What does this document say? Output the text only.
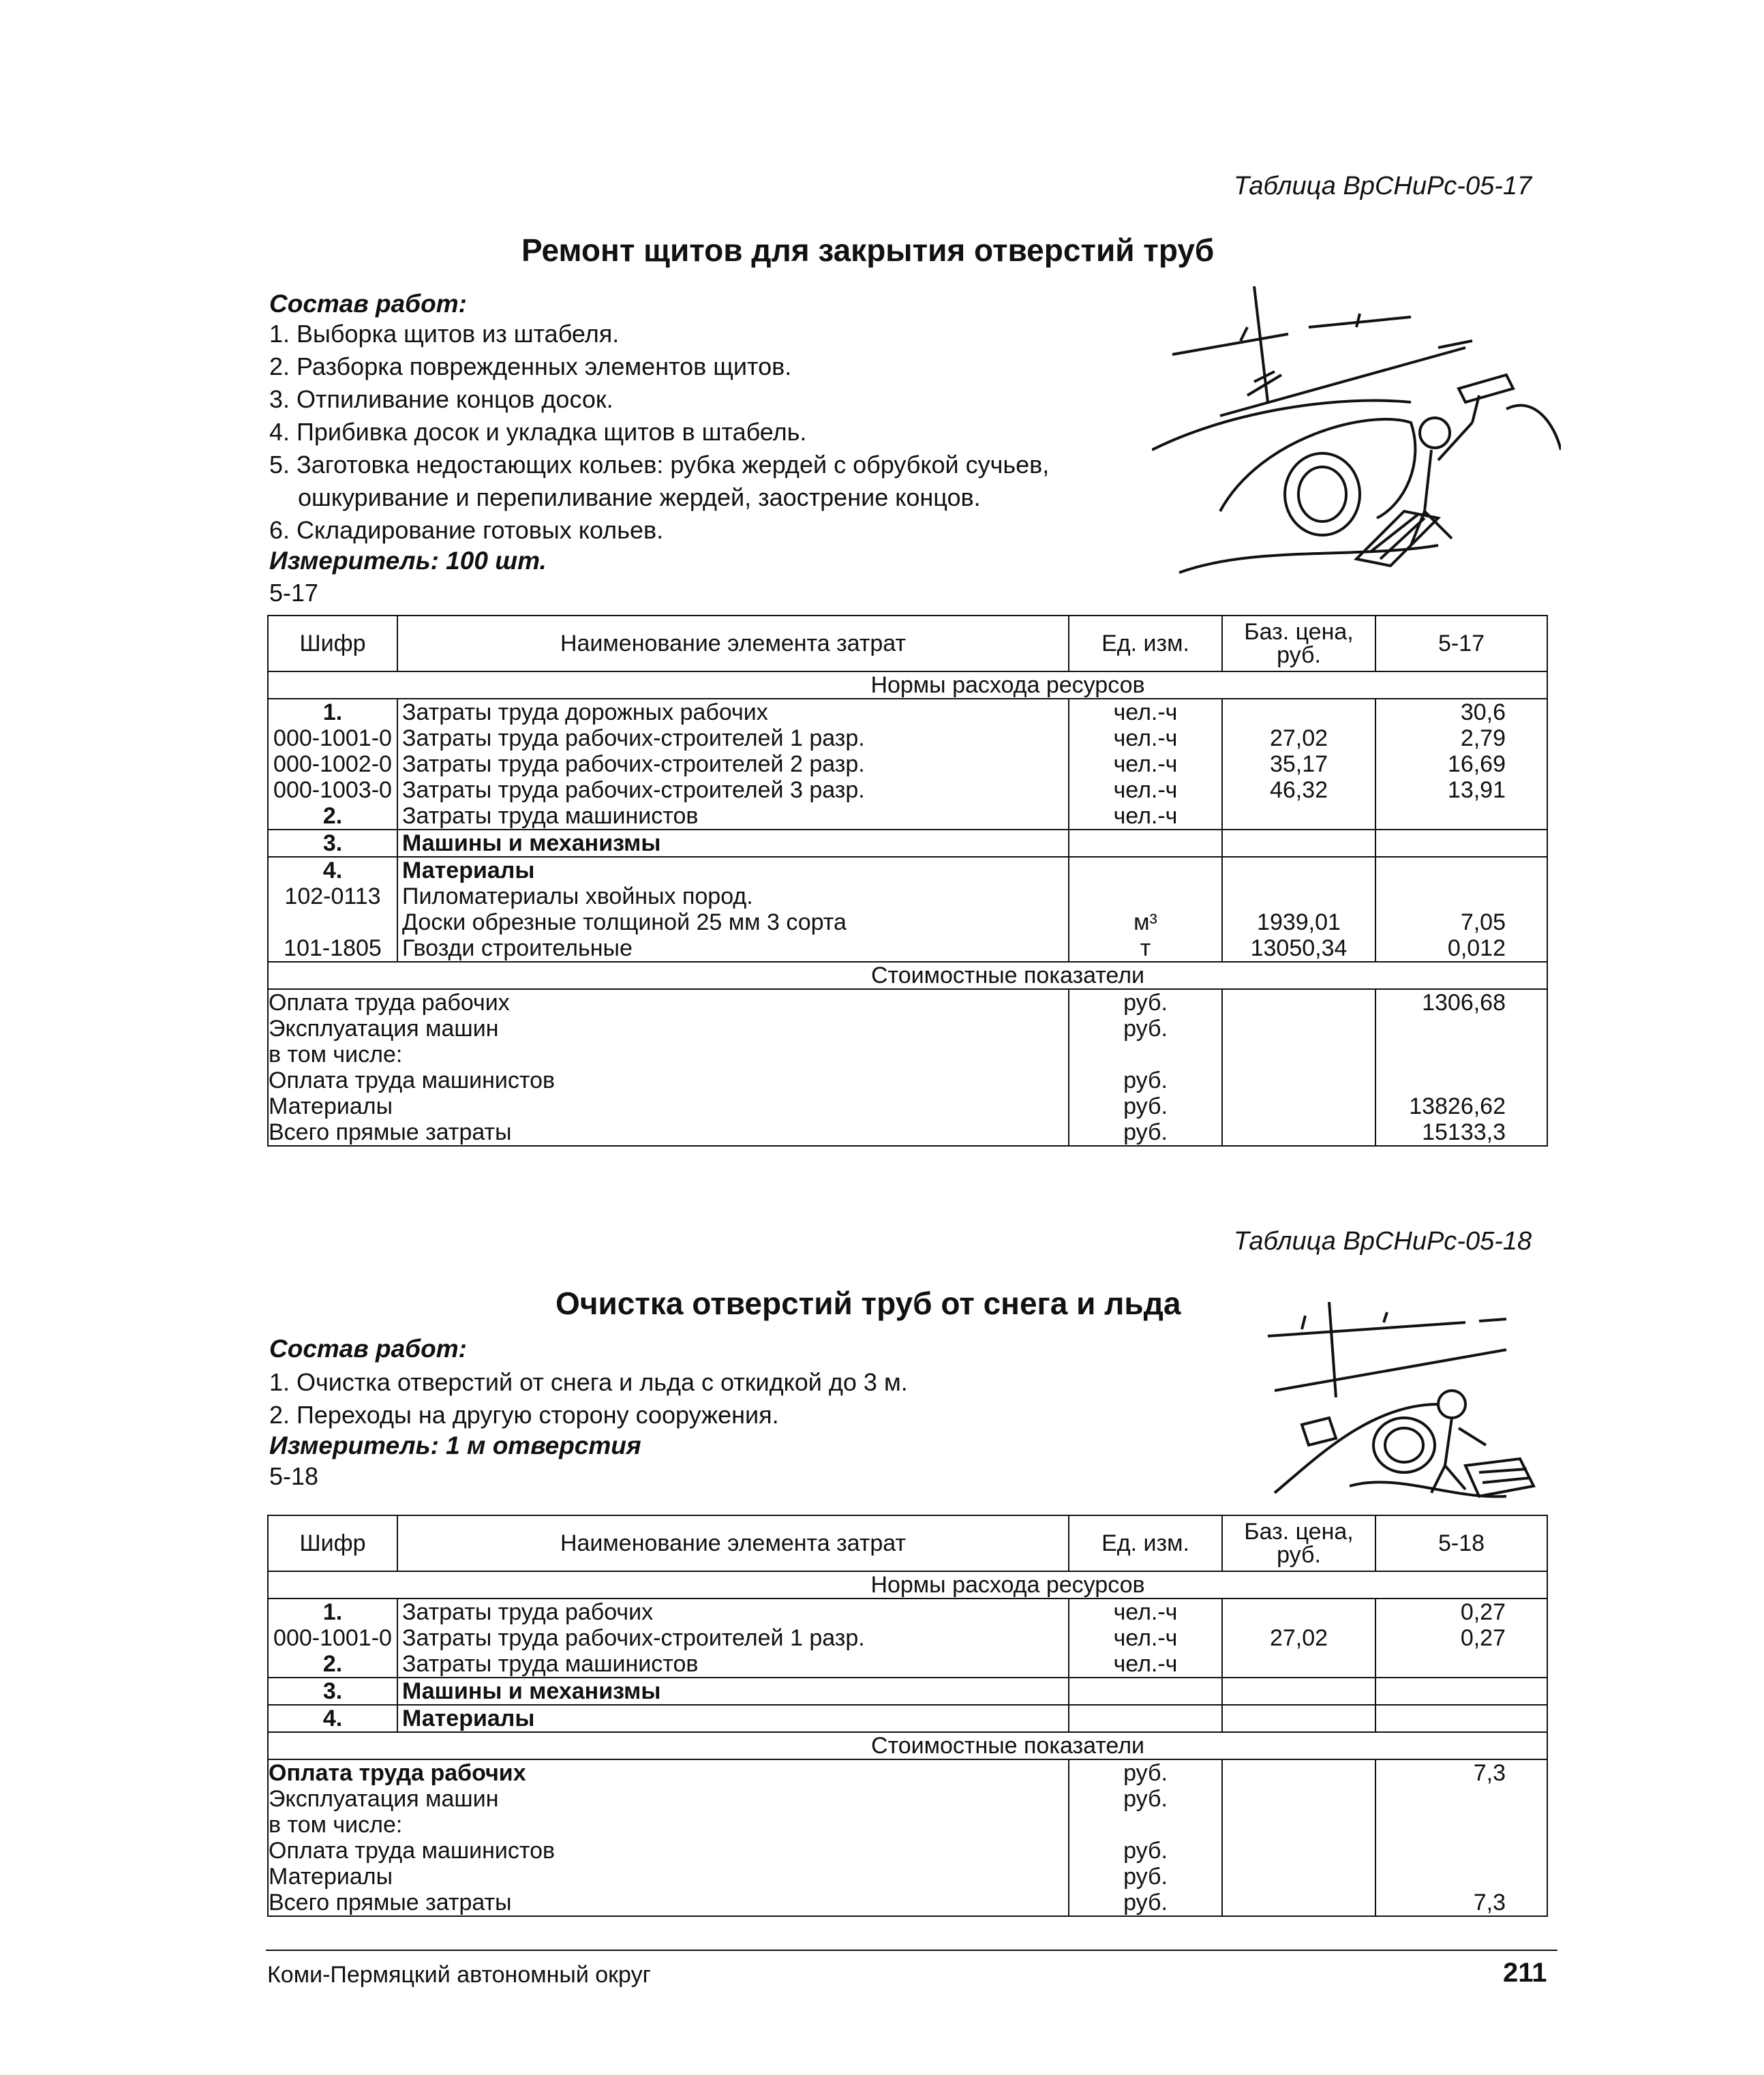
Таблица ВрСНиРс-05-17
Ремонт щитов для закрытия отверстий труб
Состав работ:
1. Выборка щитов из штабеля.
2. Разборка поврежденных элементов щитов.
3. Отпиливание концов досок.
4. Прибивка досок и укладка щитов в штабель.
5. Заготовка недостающих кольев: рубка жердей с обрубкой сучьев,
ошкуривание и перепиливание жердей, заострение концов.
6. Складирование готовых кольев.
Измеритель: 100 шт.
5-17
Шифр	Наименование элемента затрат	Ед. изм.	Баз. цена, руб.	5-17
Нормы расхода ресурсов				
1.	Затраты труда дорожных рабочих	чел.-ч		30,6
000-1001-0	Затраты труда рабочих-строителей 1 разр.	чел.-ч	27,02	2,79
000-1002-0	Затраты труда рабочих-строителей 2 разр.	чел.-ч	35,17	16,69
000-1003-0	Затраты труда рабочих-строителей 3 разр.	чел.-ч	46,32	13,91
2.	Затраты труда машинистов	чел.-ч		
3.	Машины и механизмы			
4.	Материалы			
102-0113	Пиломатериалы хвойных пород.			
	Доски обрезные толщиной 25 мм 3 сорта	м³	1939,01	7,05
101-1805	Гвозди строительные	т	13050,34	0,012
Стоимостные показатели				
Оплата труда рабочих		руб.		1306,68
Эксплуатация машин		руб.		
в том числе:				
Оплата труда машинистов		руб.		
Материалы		руб.		13826,62
Всего прямые затраты		руб.		15133,3
Таблица ВрСНиРс-05-18
Очистка отверстий труб от снега и льда
Состав работ:
1. Очистка отверстий от снега и льда с откидкой до 3 м.
2. Переходы на другую сторону сооружения.
Измеритель: 1 м отверстия
5-18
Шифр	Наименование элемента затрат	Ед. изм.	Баз. цена, руб.	5-18
Нормы расхода ресурсов				
1.	Затраты труда рабочих	чел.-ч		0,27
000-1001-0	Затраты труда рабочих-строителей 1 разр.	чел.-ч	27,02	0,27
2.	Затраты труда машинистов	чел.-ч		
3.	Машины и механизмы			
4.	Материалы			
Стоимостные показатели				
Оплата труда рабочих		руб.		7,3
Эксплуатация машин		руб.		
в том числе:				
Оплата труда машинистов		руб.		
Материалы		руб.		
Всего прямые затраты		руб.		7,3
Коми-Пермяцкий автономный округ	211
